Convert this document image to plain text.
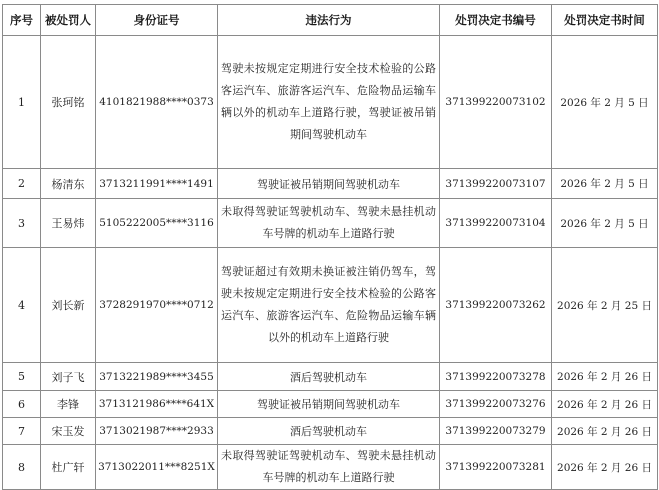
序号	被处罚人	身份证号	违法行为	处罚决定书编号	处罚决定书时间
1	张珂铭	4101821988****0373	驾驶未按规定定期进行安全技术检验的公路客运汽车、旅游客运汽车、危险物品运输车辆以外的机动车上道路行驶，驾驶证被吊销期间驾驶机动车	3713992200731​02	2026 年 2 月 5 日
2	杨清东	3713211991****1491	驾驶证被吊销期间驾驶机动车	371399220073107	2026 年 2 月 5 日
3	王易炜	5105222005****3116	未取得驾驶证驾驶机动车、驾驶未悬挂机动车号牌的机动车上道路行驶	371399220073104	2026 年 2 月 5 日
4	刘长新	3728291970****0712	驾驶证超过有效期未换证被注销仍驾车，驾驶未按规定定期进行安全技术检验的公路客运汽车、旅游客运汽车、危险物品运输车辆以外的机动车上道路行驶	371399220073262	2026 年 2 月 25 日
5	刘子飞	3713221989****3455	酒后驾驶机动车	371399220073278	2026 年 2 月 26 日
6	李锋	3713121986****641X	驾驶证被吊销期间驾驶机动车	371399220073276	2026 年 2 月 26 日
7	宋玉发	3713021987****2933	酒后驾驶机动车	371399220073279	2026 年 2 月 26 日
8	杜广轩	3713022011***8251X	未取得驾驶证驾驶机动车、驾驶未悬挂机动车号牌的机动车上道路行驶	371399220073281	2026 年 2 月 26 日
